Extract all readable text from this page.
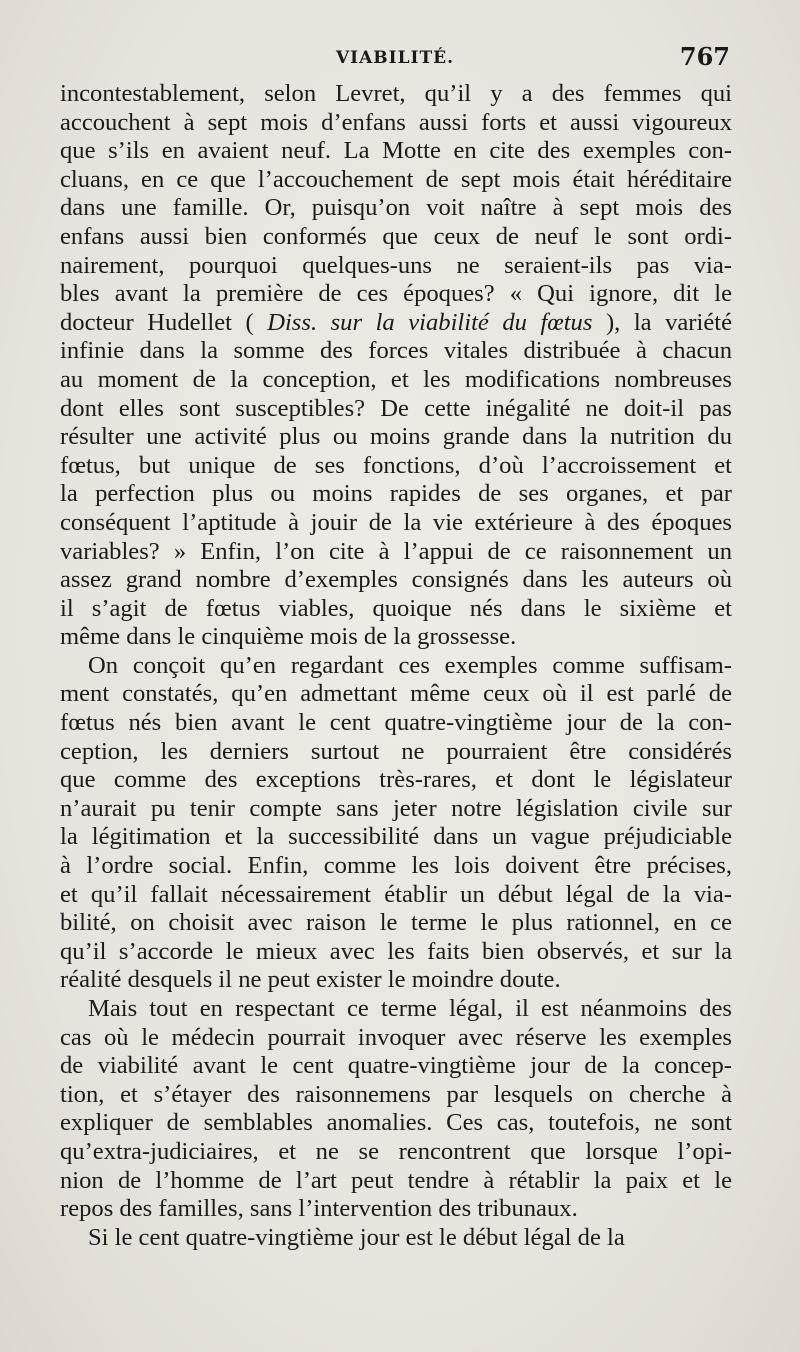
VIABILITÉ.	767
incontestablement, selon Levret, qu’il y a des femmes qui
accouchent à sept mois d’enfans aussi forts et aussi vigoureux
que s’ils en avaient neuf. La Motte en cite des exemples con-
cluans, en ce que l’accouchement de sept mois était héréditaire
dans une famille. Or, puisqu’on voit naître à sept mois des
enfans aussi bien conformés que ceux de neuf le sont ordi-
nairement, pourquoi quelques-uns ne seraient-ils pas via-
bles avant la première de ces époques? « Qui ignore, dit le
docteur Hudellet ( Diss. sur la viabilité du fœtus ), la variété
infinie dans la somme des forces vitales distribuée à chacun
au moment de la conception, et les modifications nombreuses
dont elles sont susceptibles? De cette inégalité ne doit-il pas
résulter une activité plus ou moins grande dans la nutrition du
fœtus, but unique de ses fonctions, d’où l’accroissement et
la perfection plus ou moins rapides de ses organes, et par
conséquent l’aptitude à jouir de la vie extérieure à des époques
variables? » Enfin, l’on cite à l’appui de ce raisonnement un
assez grand nombre d’exemples consignés dans les auteurs où
il s’agit de fœtus viables, quoique nés dans le sixième et
même dans le cinquième mois de la grossesse.
On conçoit qu’en regardant ces exemples comme suffisam-
ment constatés, qu’en admettant même ceux où il est parlé de
fœtus nés bien avant le cent quatre-vingtième jour de la con-
ception, les derniers surtout ne pourraient être considérés
que comme des exceptions très-rares, et dont le législateur
n’aurait pu tenir compte sans jeter notre législation civile sur
la légitimation et la successibilité dans un vague préjudiciable
à l’ordre social. Enfin, comme les lois doivent être précises,
et qu’il fallait nécessairement établir un début légal de la via-
bilité, on choisit avec raison le terme le plus rationnel, en ce
qu’il s’accorde le mieux avec les faits bien observés, et sur la
réalité desquels il ne peut exister le moindre doute.
Mais tout en respectant ce terme légal, il est néanmoins des
cas où le médecin pourrait invoquer avec réserve les exemples
de viabilité avant le cent quatre-vingtième jour de la concep-
tion, et s’étayer des raisonnemens par lesquels on cherche à
expliquer de semblables anomalies. Ces cas, toutefois, ne sont
qu’extra-judiciaires, et ne se rencontrent que lorsque l’opi-
nion de l’homme de l’art peut tendre à rétablir la paix et le
repos des familles, sans l’intervention des tribunaux.
Si le cent quatre-vingtième jour est le début légal de la
